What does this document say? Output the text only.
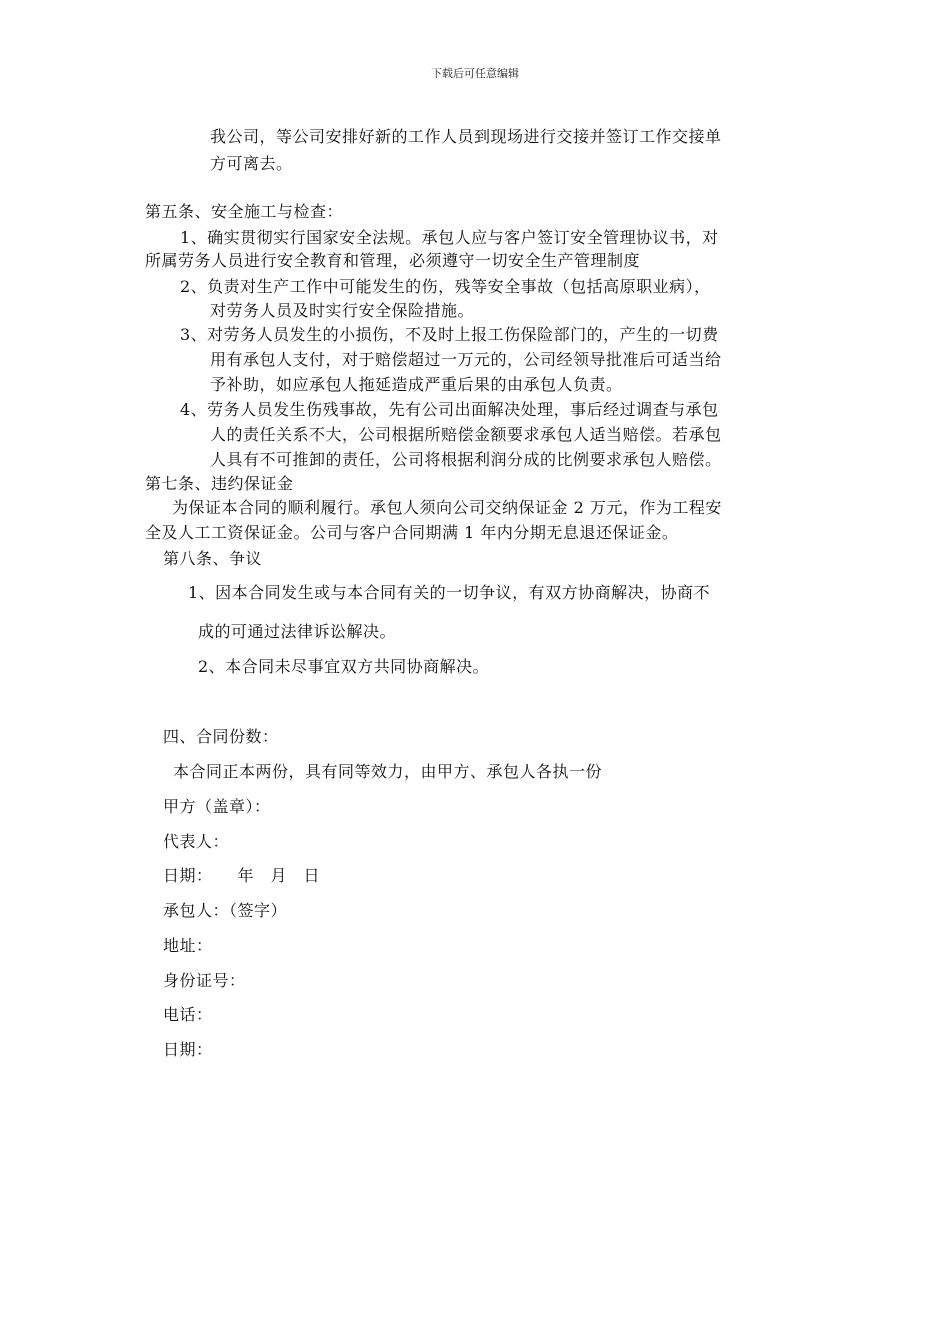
下载后可任意编辑
我公司，等公司安排好新的工作人员到现场进行交接并签订工作交接单
方可离去。
第五条、安全施工与检查：
1、确实贯彻实行国家安全法规。承包人应与客户签订安全管理协议书，对
所属劳务人员进行安全教育和管理，必须遵守一切安全生产管理制度
2、负责对生产工作中可能发生的伤，残等安全事故（包括高原职业病），
对劳务人员及时实行安全保险措施。
3、对劳务人员发生的小损伤，不及时上报工伤保险部门的，产生的一切费
用有承包人支付，对于赔偿超过一万元的，公司经领导批准后可适当给
予补助，如应承包人拖延造成严重后果的由承包人负责。
4、劳务人员发生伤残事故，先有公司出面解决处理，事后经过调查与承包
人的责任关系不大，公司根据所赔偿金额要求承包人适当赔偿。若承包
人具有不可推卸的责任，公司将根据利润分成的比例要求承包人赔偿。
第七条、违约保证金
为保证本合同的顺利履行。承包人须向公司交纳保证金 2 万元，作为工程安
全及人工工资保证金。公司与客户合同期满 1 年内分期无息退还保证金。
第八条、争议
1、因本合同发生或与本合同有关的一切争议，有双方协商解决，协商不
成的可通过法律诉讼解决。
2、本合同未尽事宜双方共同协商解决。
四、合同份数：
本合同正本两份，具有同等效力，由甲方、承包人各执一份
甲方（盖章）：
代表人：
日期：　　年　月　日
承包人：（签字）
地址：
身份证号：
电话：
日期：
